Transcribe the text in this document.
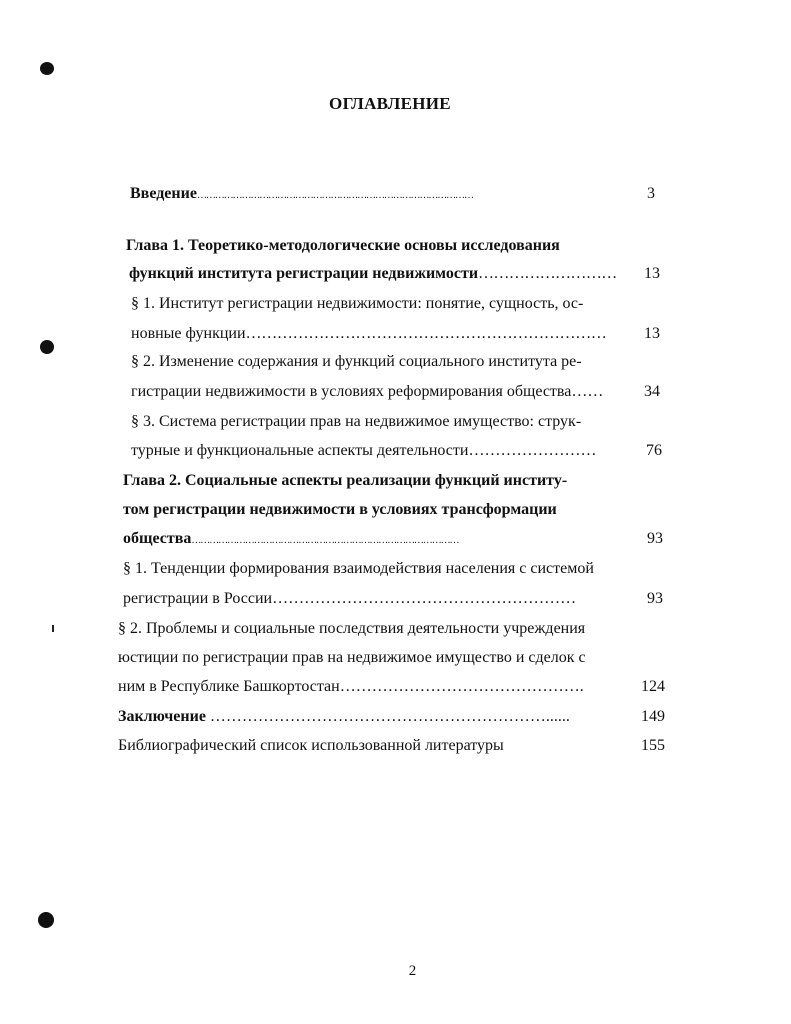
ОГЛАВЛЕНИЕ
Введение…………………………………………………………………………………	3
Глава 1. Теоретико-методологические основы исследования
функций института регистрации недвижимости………………………	13
§ 1. Институт регистрации недвижимости: понятие, сущность, ос-
новные функции……………………………………………………………	13
§ 2. Изменение содержания и функций социального института ре-
гистрации недвижимости в условиях реформирования общества……	34
§ 3. Система регистрации прав на недвижимое имущество: струк-
турные и функциональные аспекты деятельности……………………	76
Глава 2. Социальные аспекты реализации функций институ-
том регистрации недвижимости в условиях трансформации
общества………………………………………………………………………………	93
§ 1. Тенденции формирования взаимодействия населения с системой
регистрации в России…………………………………………………	93
§ 2. Проблемы и социальные последствия деятельности учреждения
юстиции по регистрации прав на недвижимое имущество и сделок с
ним в Республике Башкортостан……………………………………….	124
Заключение ………………………………………………………......	149
Библиографический список использованной литературы	155
2
